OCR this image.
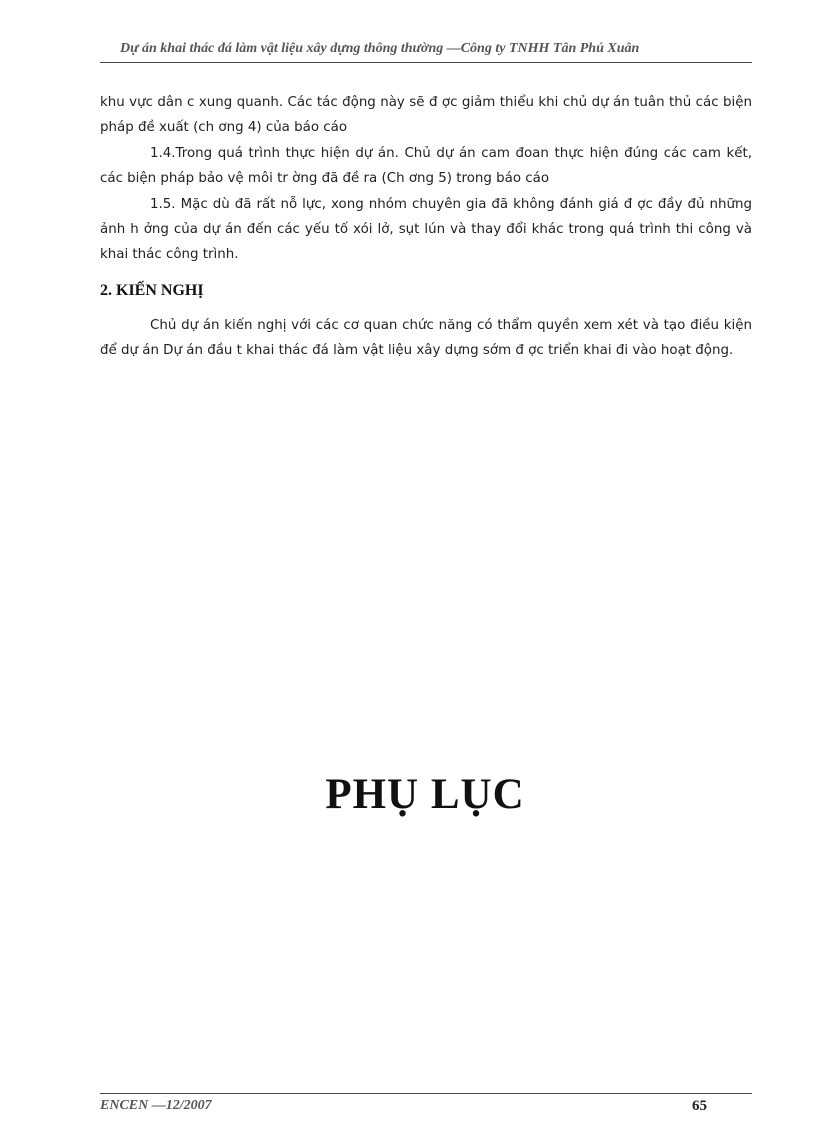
Dự án khai thác đá làm vật liệu xây dựng thông thường —Công ty TNHH Tân Phú Xuân
khu vực dân c xung quanh. Các tác động này sẽ đ ợc giảm thiểu khi chủ dự án tuân thủ các biện pháp đề xuất (ch ơng 4) của báo cáo
1.4.Trong quá trình thực hiện dự án. Chủ dự án cam đoan thực hiện đúng các cam kết, các biện pháp bảo vệ môi tr ờng đã đề ra (Ch ơng 5) trong báo cáo
1.5. Mặc dù đã rất nỗ lực, xong nhóm chuyên gia đã không đánh giá đ ợc đầy đủ những ảnh h ởng của dự án đến các yếu tố xói lở, sụt lún và thay đổi khác trong quá trình thi công và khai thác công trình.
2. KIẾN NGHỊ
Chủ dự án kiến nghị với các cơ quan chức năng có thẩm quyền xem xét và tạo điều kiện để dự án Dự án đầu t khai thác đá làm vật liệu xây dựng sớm đ ợc triển khai đi vào hoạt động.
PHỤ LỤC
ENCEN —12/2007	65
